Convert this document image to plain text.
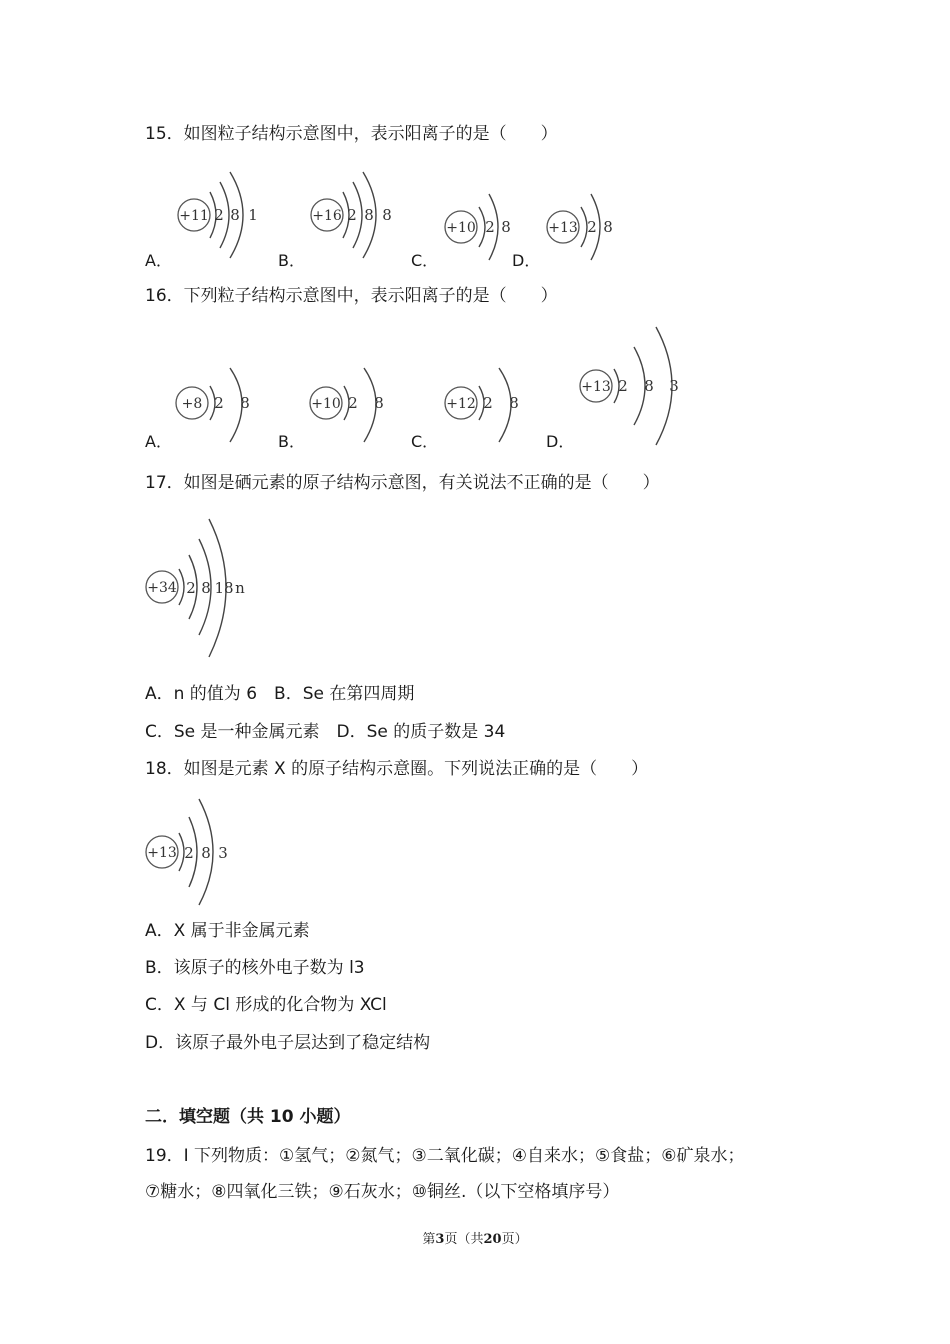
15．如图粒子结构示意图中，表示阳离子的是（　　）
A．
+11 2 8 1
B．
+16 2 8 8
C．
+10 2 8
D．
+13 2 8
16．下列粒子结构示意图中，表示阳离子的是（　　）
A．
+8 2 8
B．
+10 2 8
C．
+12 2 8
D．
+13 2 8 3
17．如图是硒元素的原子结构示意图，有关说法不正确的是（　　）
+34 2 8 18 n
A．n 的值为 6　B．Se 在第四周期
C．Se 是一种金属元素　D．Se 的质子数是 34
18．如图是元素 X 的原子结构示意圈。下列说法正确的是（　　）
+13 2 8 3
A．X 属于非金属元素
B．该原子的核外电子数为 l3
C．X 与 Cl 形成的化合物为 XCl
D．该原子最外电子层达到了稳定结构
二．填空题（共 10 小题）
19．I 下列物质：①氢气；②氮气；③二氧化碳；④自来水；⑤食盐；⑥矿泉水；
⑦糖水；⑧四氧化三铁；⑨石灰水；⑩铜丝.（以下空格填序号）
第3页（共20页）
